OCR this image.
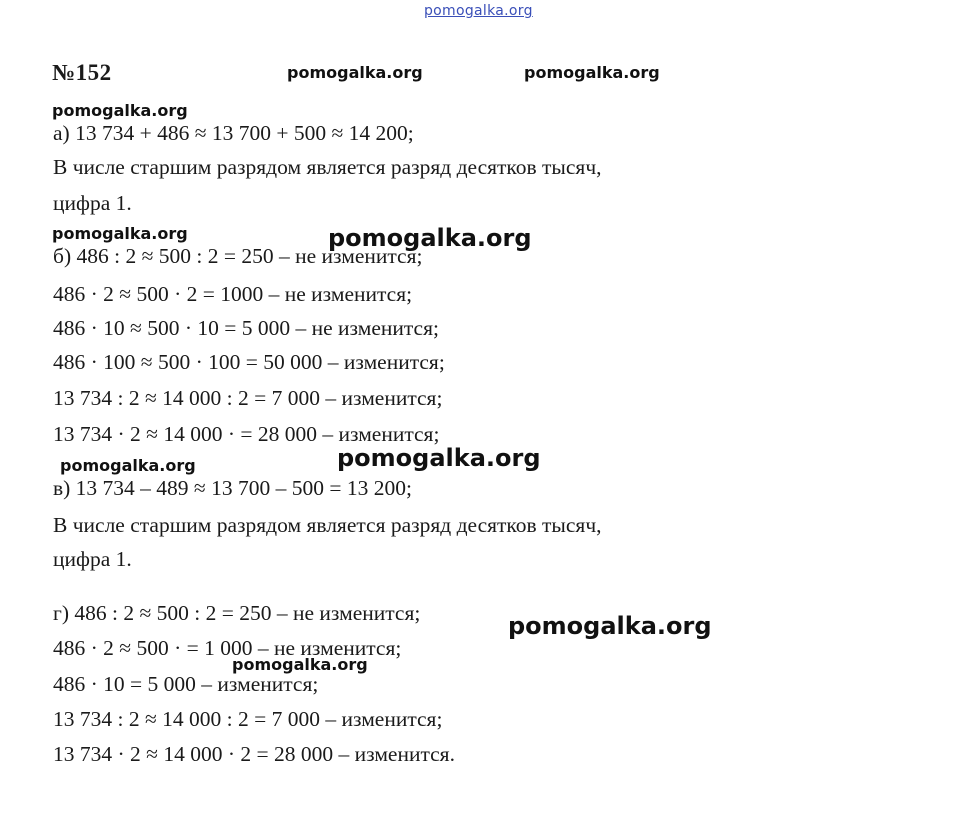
pomogalka.org
№152	pomogalka.org	pomogalka.org
pomogalka.org
а) 13 734 + 486 ≈ 13 700 + 500 ≈ 14 200;
В числе старшим разрядом является разряд десятков тысяч,
цифра 1.
pomogalka.org	pomogalka.org
б) 486 : 2 ≈ 500 : 2 = 250 – не изменится;
486 · 2 ≈ 500 · 2 = 1000 – не изменится;
486 · 10 ≈ 500 · 10 = 5 000 – не изменится;
486 · 100 ≈ 500 · 100 = 50 000 – изменится;
13 734 : 2 ≈ 14 000 : 2 = 7 000 – изменится;
13 734 · 2 ≈ 14 000 · = 28 000 – изменится;
pomogalka.org	pomogalka.org
в) 13 734 – 489 ≈ 13 700 – 500 = 13 200;
В числе старшим разрядом является разряд десятков тысяч,
цифра 1.
г) 486 : 2 ≈ 500 : 2 = 250 – не изменится;	pomogalka.org
486 · 2 ≈ 500 · = 1 000 – не изменится;
pomogalka.org
486 · 10 = 5 000 – изменится;
13 734 : 2 ≈ 14 000 : 2 = 7 000 – изменится;
13 734 · 2 ≈ 14 000 · 2 = 28 000 – изменится.
